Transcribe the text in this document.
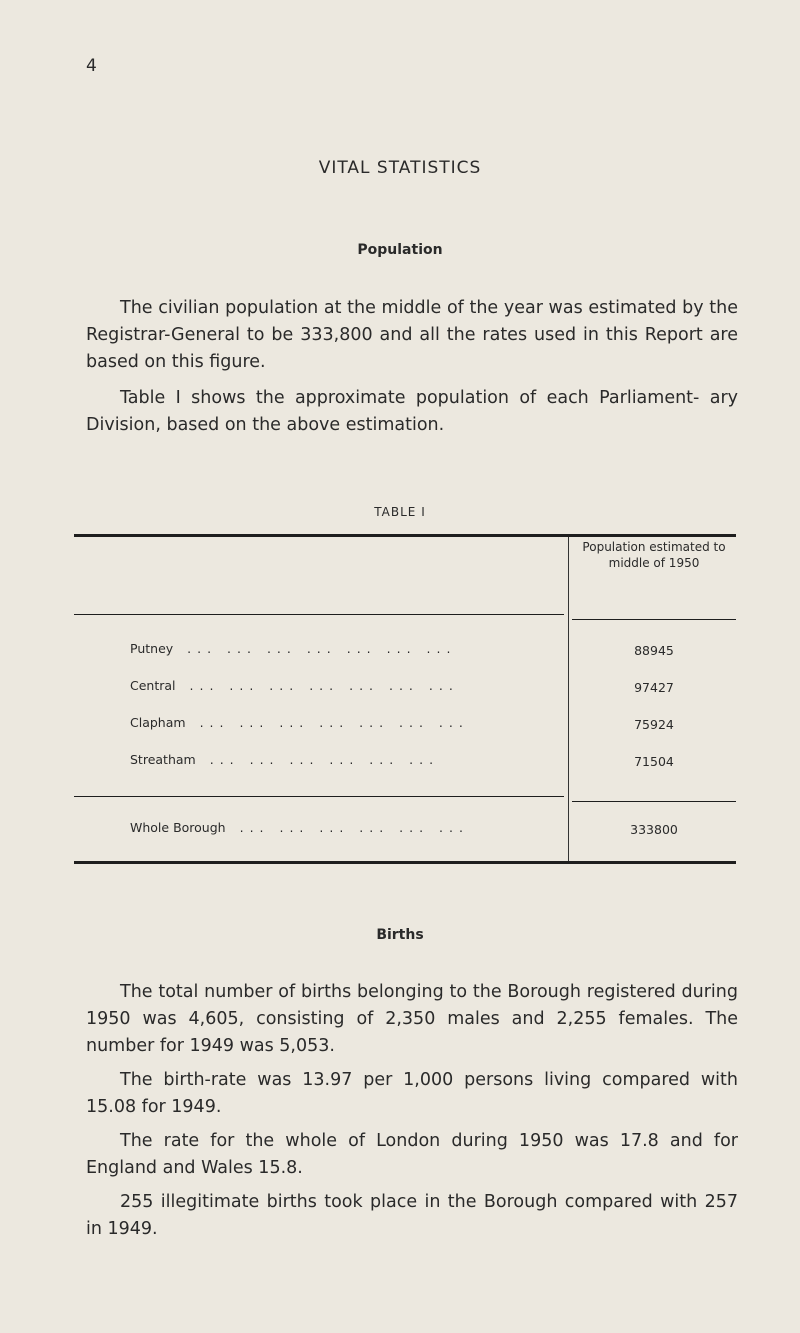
4
VITAL STATISTICS
Population

The civilian population at the middle of the year was estimated by the Registrar-General to be 333,800 and all the rates used in this Report are based on this figure.

Table I shows the approximate population of each Parliament- ary Division, based on the above estimation.

TABLE I
Population estimated to middle of 1950
Putney ... ... ... ... ... ... ...	88945
Central ... ... ... ... ... ... ...	97427
Clapham ... ... ... ... ... ... ...	75924
Streatham ... ... ... ... ... ...	71504
Whole Borough ... ... ... ... ... ...	333800
Births

The total number of births belonging to the Borough registered during 1950 was 4,605, consisting of 2,350 males and 2,255 females. The number for 1949 was 5,053.

The birth-rate was 13.97 per 1,000 persons living compared with 15.08 for 1949.

The rate for the whole of London during 1950 was 17.8 and for England and Wales 15.8.

255 illegitimate births took place in the Borough compared with 257 in 1949.
